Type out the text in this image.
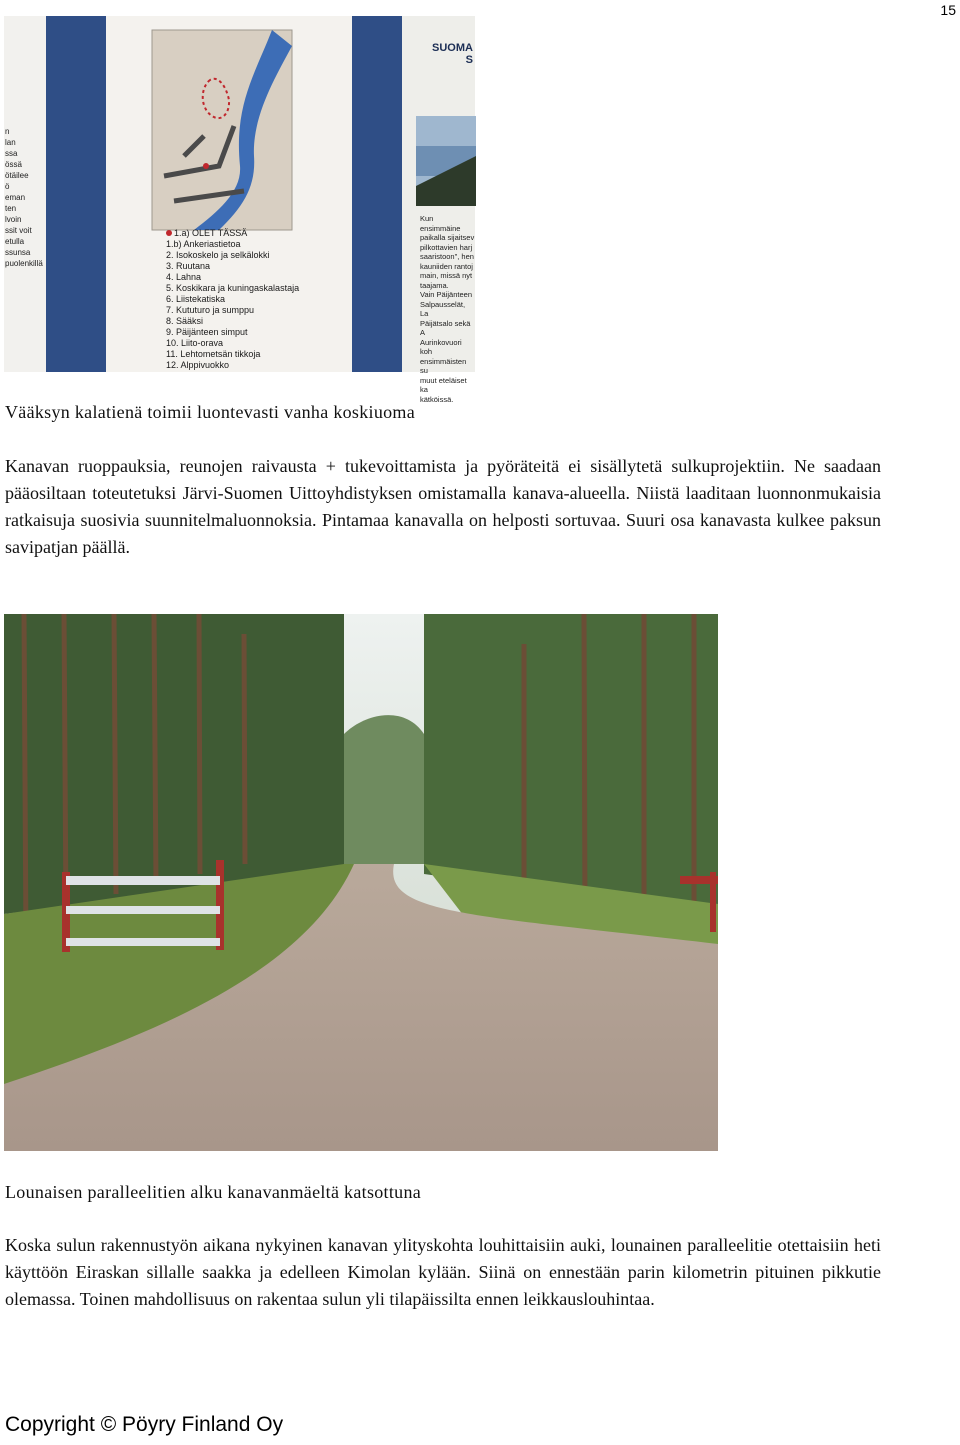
15
n
lan
ssa
össä
ötäilee
ö
eman
ten
lvoin
ssit voit
etulla
ssunsa
puolenkillä
1.a) OLET TÄSSÄ
1.b) Ankeriastietoa
2. Isokoskelo ja selkälokki
3. Ruutana
4. Lahna
5. Koskikara ja kuningaskalastaja
6. Liistekatiska
7. Kututuro ja sumppu
8. Sääksi
9. Päijänteen simput
10. Liito-orava
11. Lehtometsän tikkoja
12. Alppivuokko
SUOMA
S
Kun ensimmäine
paikalla sijaitsev
pilkottavien harj
saaristoon", hen
kauniiden rantoj
main, missä nyt
taajama.
Vain Päijänteen
Salpausselät, La
Päijätsalo sekä A
Aurinkovuori koh
ensimmäisten su
muut eteläiset ka
kätköissä.
Vääksyn kalatienä toimii luontevasti vanha koskiuoma
Kanavan ruoppauksia, reunojen raivausta + tukevoittamista ja pyöräteitä ei sisällytetä sulkuprojektiin. Ne saadaan pääosiltaan toteutetuksi Järvi-Suomen Uittoyhdistyksen omistamalla kanava-alueella. Niistä laaditaan luonnonmukaisia ratkaisuja suosivia suunnitelmaluonnoksia. Pintamaa kanavalla on helposti sortuvaa. Suuri osa kanavasta kulkee paksun savipatjan päällä.
Lounaisen paralleelitien alku kanavanmäeltä katsottuna
Koska sulun rakennustyön aikana nykyinen kanavan ylityskohta louhittaisiin auki, lounainen paralleelitie otettaisiin heti käyttöön Eiraskan sillalle saakka ja edelleen Kimolan kylään. Siinä on ennestään parin kilometrin pituinen pikkutie olemassa. Toinen mahdollisuus on rakentaa sulun yli tilapäissilta ennen leikkauslouhintaa.
Copyright © Pöyry Finland Oy
